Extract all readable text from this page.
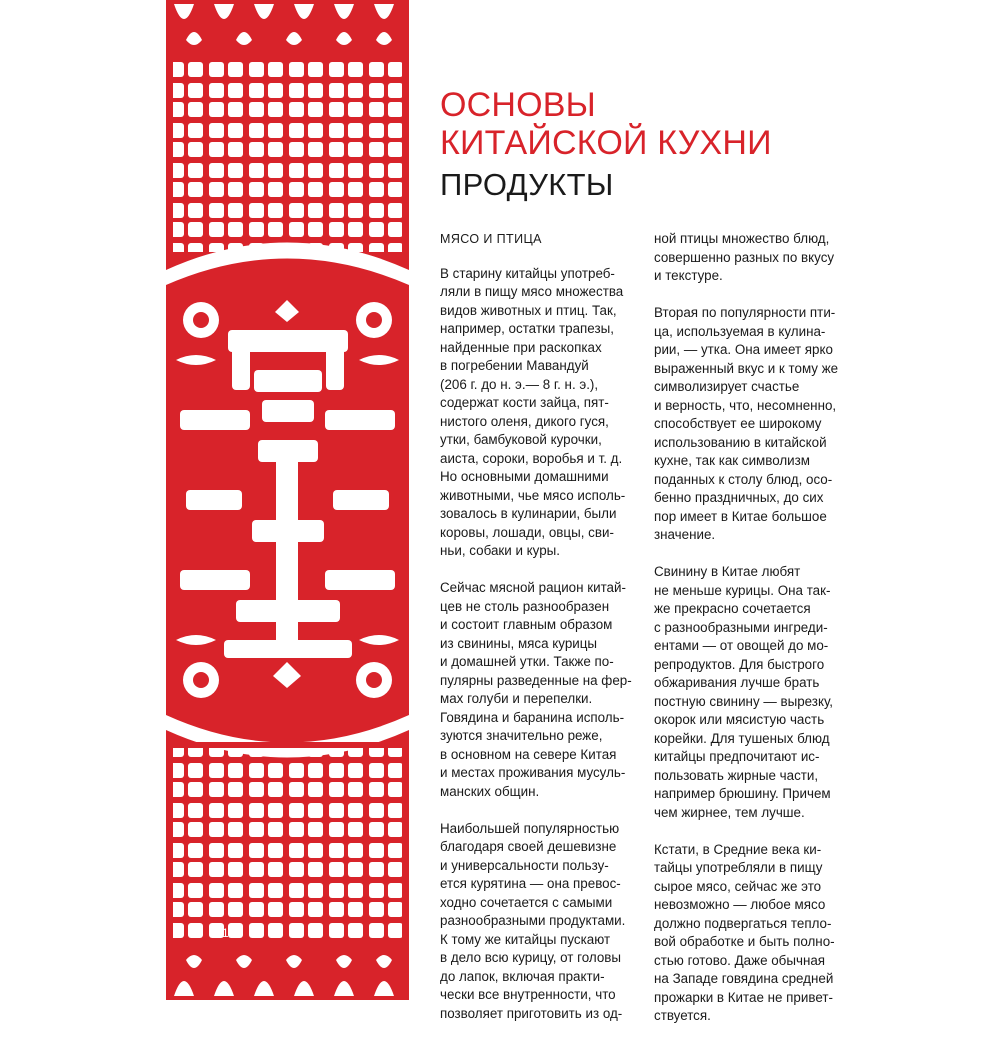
14
ОСНОВЫ
КИТАЙСКОЙ КУХНИ
ПРОДУКТЫ
МЯСО И ПТИЦА

В старину китайцы употреб-
ляли в пищу мясо множества
видов животных и птиц. Так,
например, остатки трапезы,
найденные при раскопках
в погребении Мавандуй
(206 г. до н. э.— 8 г. н. э.),
содержат кости зайца, пят-
нистого оленя, дикого гуся,
утки, бамбуковой курочки,
аиста, сороки, воробья и т. д.
Но основными домашними
животными, чье мясо исполь-
зовалось в кулинарии, были
коровы, лошади, овцы, сви-
ньи, собаки и куры.

Сейчас мясной рацион китай-
цев не столь разнообразен
и состоит главным образом
из свинины, мяса курицы
и домашней утки. Также по-
пулярны разведенные на фер-
мах голуби и перепелки.
Говядина и баранина исполь-
зуются значительно реже,
в основном на севере Китая
и местах проживания мусуль-
манских общин.

Наибольшей популярностью
благодаря своей дешевизне
и универсальности пользу-
ется курятина — она превос-
ходно сочетается с самыми
разнообразными продуктами.
К тому же китайцы пускают
в дело всю курицу, от головы
до лапок, включая практи-
чески все внутренности, что
позволяет приготовить из од-

ной птицы множество блюд,
совершенно разных по вкусу
и текстуре.

Вторая по популярности пти-
ца, используемая в кулина-
рии, — утка. Она имеет ярко
выраженный вкус и к тому же
символизирует счастье
и верность, что, несомненно,
способствует ее широкому
использованию в китайской
кухне, так как символизм
поданных к столу блюд, осо-
бенно праздничных, до сих
пор имеет в Китае большое
значение.

Свинину в Китае любят
не меньше курицы. Она так-
же прекрасно сочетается
с разнообразными ингреди-
ентами — от овощей до мо-
репродуктов. Для быстрого
обжаривания лучше брать
постную свинину — вырезку,
окорок или мясистую часть
корейки. Для тушеных блюд
китайцы предпочитают ис-
пользовать жирные части,
например брюшину. Причем
чем жирнее, тем лучше.

Кстати, в Средние века ки-
тайцы употребляли в пищу
сырое мясо, сейчас же это
невозможно — любое мясо
должно подвергаться тепло-
вой обработке и быть полно-
стью готово. Даже обычная
на Западе говядина средней
прожарки в Китае не привет-
ствуется.
